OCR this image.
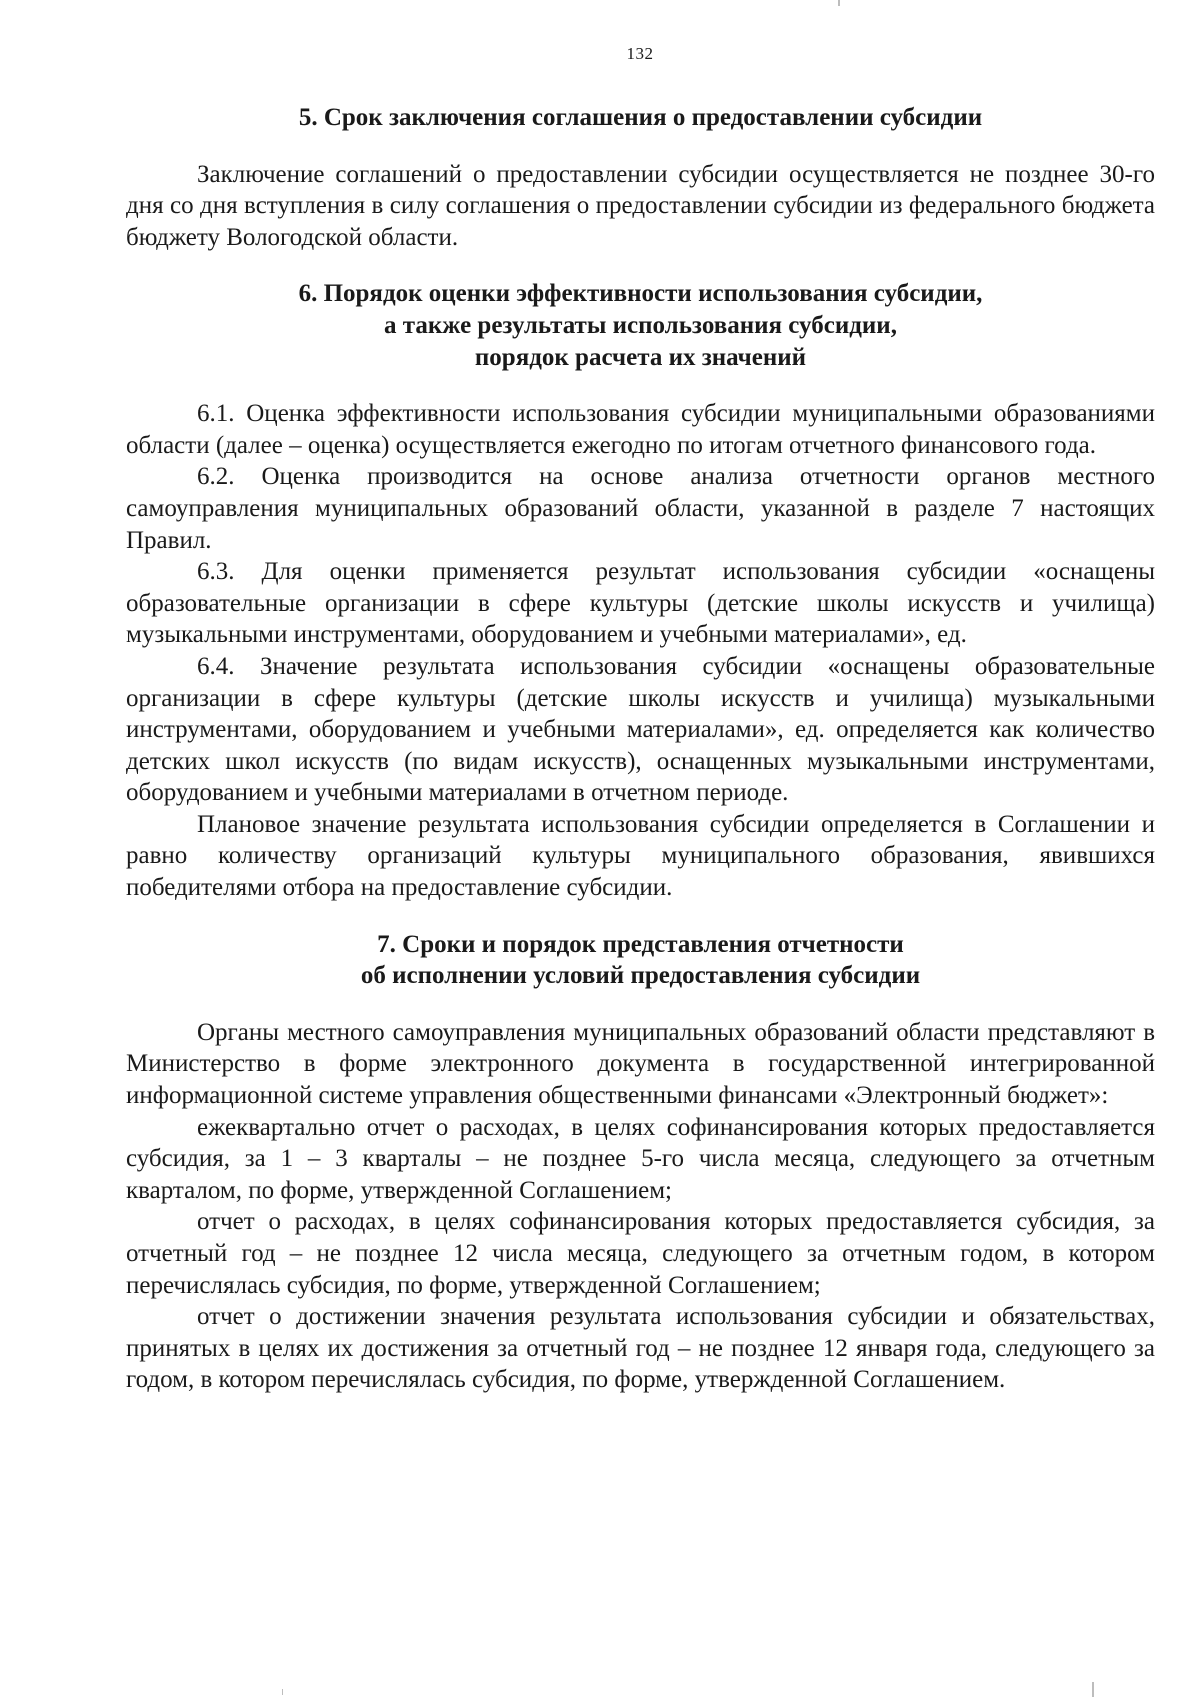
132
5. Срок заключения соглашения о предоставлении субсидии

Заключение соглашений о предоставлении субсидии осуществляется не позднее 30-го дня со дня вступления в силу соглашения о предоставлении субсидии из федерального бюджета бюджету Вологодской области.

6. Порядок оценки эффективности использования субсидии,
а также результаты использования субсидии,
порядок расчета их значений

6.1. Оценка эффективности использования субсидии муниципальными образованиями области (далее – оценка) осуществляется ежегодно по итогам отчетного финансового года.

6.2. Оценка производится на основе анализа отчетности органов местного самоуправления муниципальных образований области, указанной в разделе 7 настоящих Правил.

6.3. Для оценки применяется результат использования субсидии «оснащены образовательные организации в сфере культуры (детские школы искусств и училища) музыкальными инструментами, оборудованием и учебными материалами», ед.

6.4. Значение результата использования субсидии «оснащены образовательные организации в сфере культуры (детские школы искусств и училища) музыкальными инструментами, оборудованием и учебными материалами», ед. определяется как количество детских школ искусств (по видам искусств), оснащенных музыкальными инструментами, оборудованием и учебными материалами в отчетном периоде.

Плановое значение результата использования субсидии определяется в Соглашении и равно количеству организаций культуры муниципального образования, явившихся победителями отбора на предоставление субсидии.

7. Сроки и порядок представления отчетности
об исполнении условий предоставления субсидии

Органы местного самоуправления муниципальных образований области представляют в Министерство в форме электронного документа в государственной интегрированной информационной системе управления общественными финансами «Электронный бюджет»:

ежеквартально отчет о расходах, в целях софинансирования которых предоставляется субсидия, за 1 – 3 кварталы – не позднее 5-го числа месяца, следующего за отчетным кварталом, по форме, утвержденной Соглашением;

отчет о расходах, в целях софинансирования которых предоставляется субсидия, за отчетный год – не позднее 12 числа месяца, следующего за отчетным годом, в котором перечислялась субсидия, по форме, утвержденной Соглашением;

отчет о достижении значения результата использования субсидии и обязательствах, принятых в целях их достижения за отчетный год – не позднее 12 января года, следующего за годом, в котором перечислялась субсидия, по форме, утвержденной Соглашением.
